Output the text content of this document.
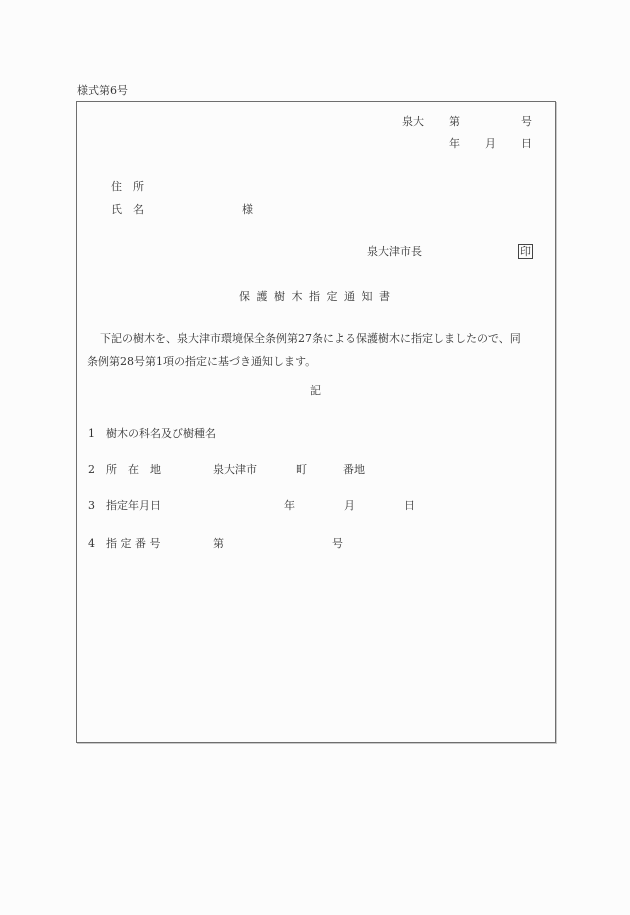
様式第6号
泉大 第	号
年 月 日
住　所
氏　名	様
泉大津市長	印
保護樹木指定通知書
下記の樹木を、泉大津市環境保全条例第27条による保護樹木に指定しましたので、同
条例第28号第1項の指定に基づき通知します。
記
1 樹木の科名及び樹種名
2 所　在　地	泉大津市	町	番地
3 指定年月日	年	月	日
4 指 定 番 号	第	号
